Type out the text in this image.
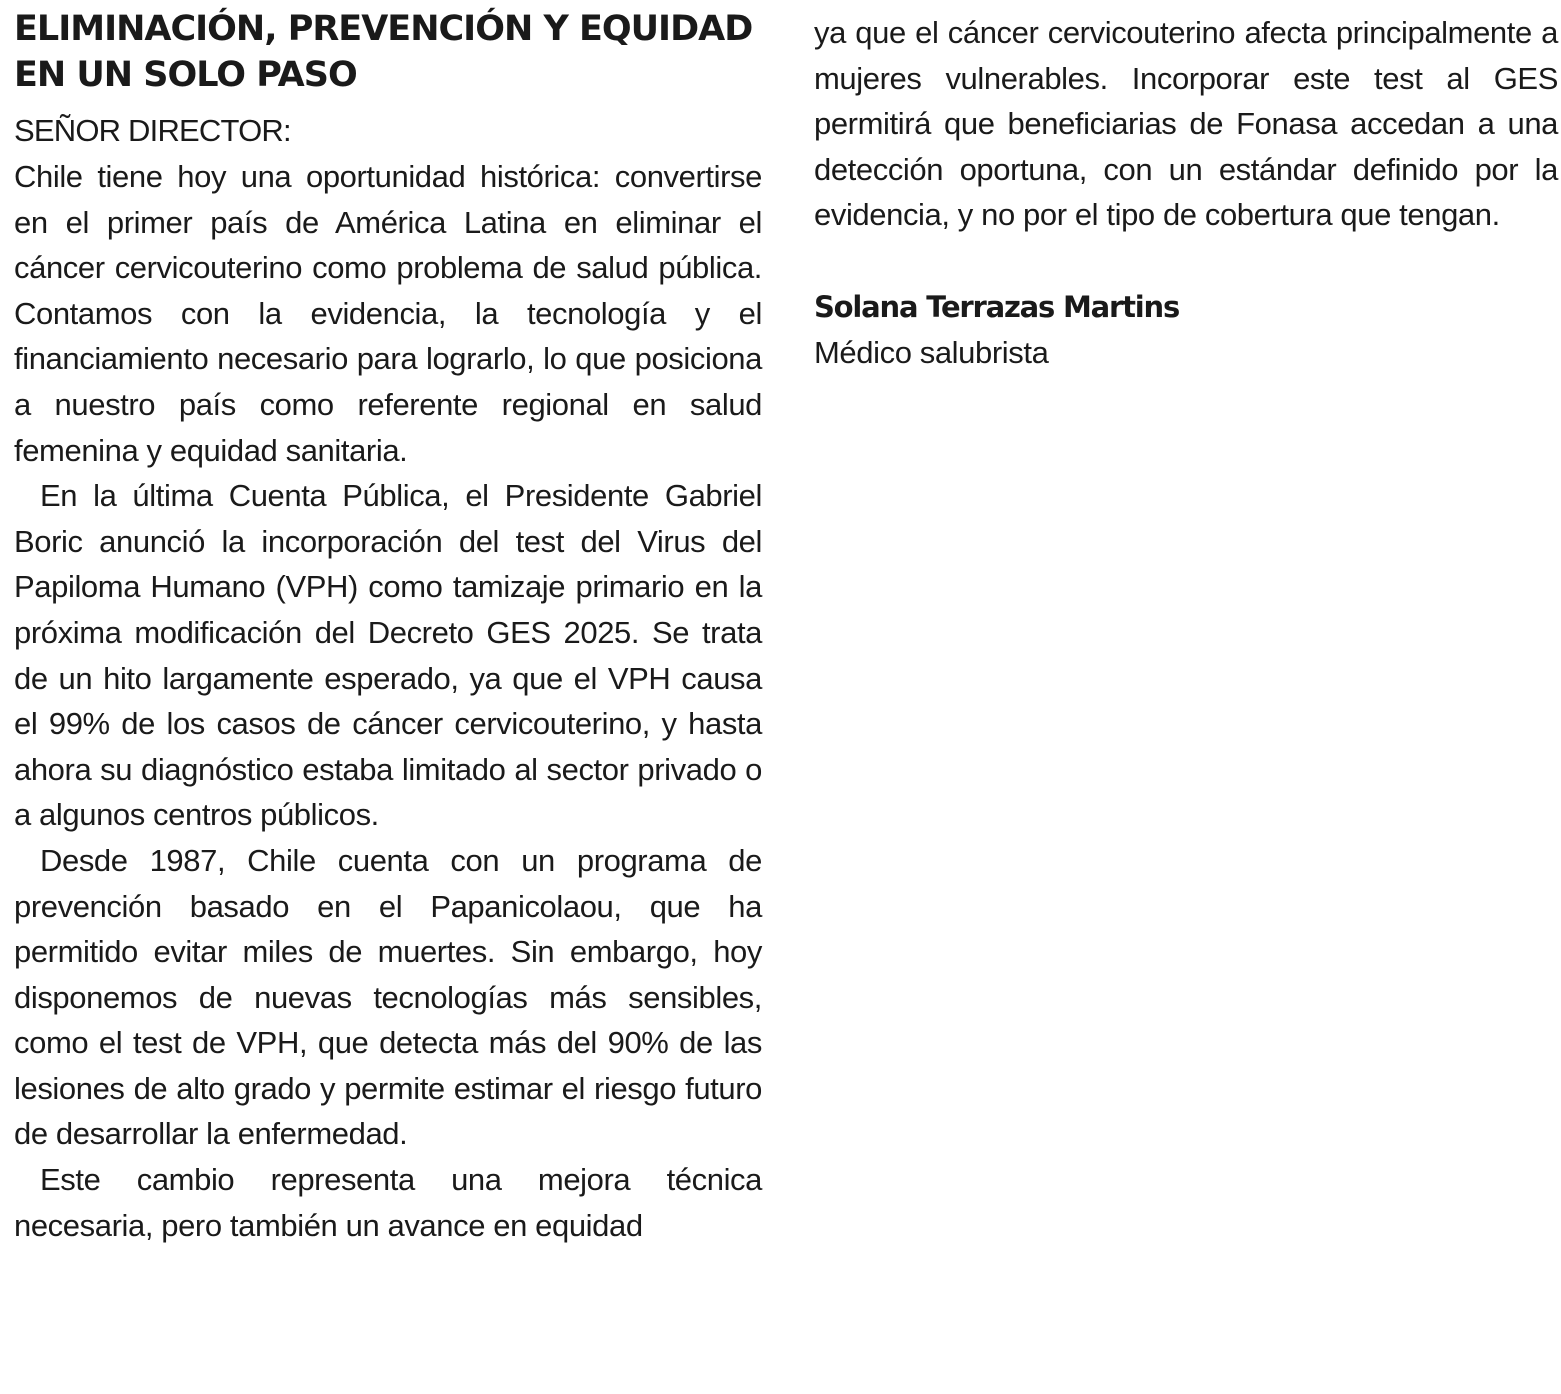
ELIMINACIÓN, PREVENCIÓN Y EQUIDAD EN UN SOLO PASO

SEÑOR DIRECTOR:

Chile tiene hoy una oportunidad histórica: convertirse en el primer país de América Latina en eliminar el cáncer cervicouterino como problema de salud pública. Contamos con la evidencia, la tecnología y el financiamiento necesario para lograrlo, lo que posiciona a nuestro país como referente regional en salud femenina y equidad sanitaria.

En la última Cuenta Pública, el Presidente Gabriel Boric anunció la incorporación del test del Virus del Papiloma Humano (VPH) como tamizaje primario en la próxima modificación del Decreto GES 2025. Se trata de un hito largamente esperado, ya que el VPH causa el 99% de los casos de cáncer cervicouterino, y hasta ahora su diagnóstico estaba limitado al sector privado o a algunos centros públicos.

Desde 1987, Chile cuenta con un programa de prevención basado en el Papanicolaou, que ha permitido evitar miles de muertes. Sin embargo, hoy disponemos de nuevas tecnologías más sensibles, como el test de VPH, que detecta más del 90% de las lesiones de alto grado y permite estimar el riesgo futuro de desarrollar la enfermedad.

Este cambio representa una mejora técnica necesaria, pero también un avance en equidad

ya que el cáncer cervicouterino afecta principalmente a mujeres vulnerables. Incorporar este test al GES permitirá que beneficiarias de Fonasa accedan a una detección oportuna, con un estándar definido por la evidencia, y no por el tipo de cobertura que tengan.

Solana Terrazas Martins

Médico salubrista
